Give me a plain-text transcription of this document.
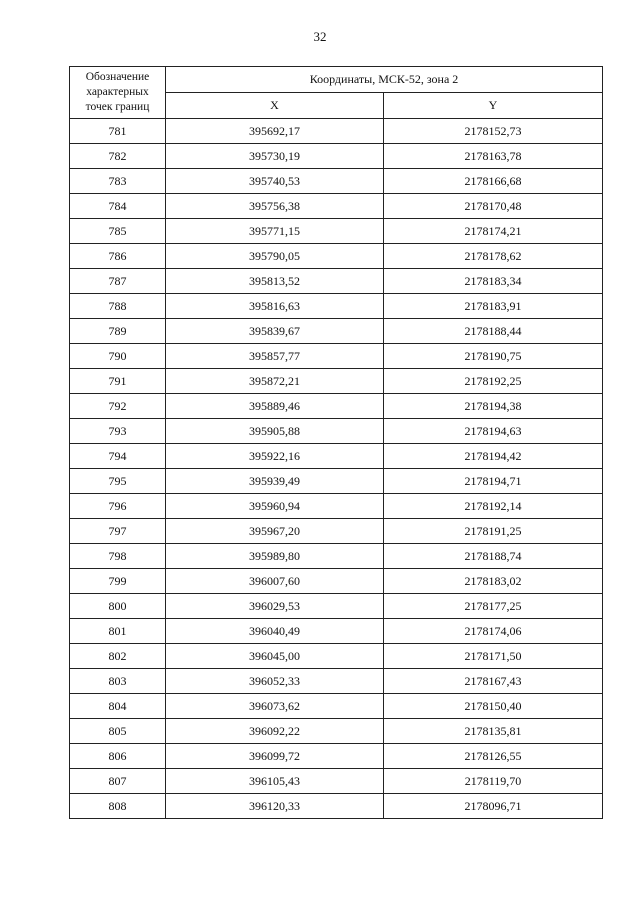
32
Обозначение
характерных
точек границ	Координаты, МСК-52, зона 2	
	X	Y
781	395692,17	2178152,73
782	395730,19	2178163,78
783	395740,53	2178166,68
784	395756,38	2178170,48
785	395771,15	2178174,21
786	395790,05	2178178,62
787	395813,52	2178183,34
788	395816,63	2178183,91
789	395839,67	2178188,44
790	395857,77	2178190,75
791	395872,21	2178192,25
792	395889,46	2178194,38
793	395905,88	2178194,63
794	395922,16	2178194,42
795	395939,49	2178194,71
796	395960,94	2178192,14
797	395967,20	2178191,25
798	395989,80	2178188,74
799	396007,60	2178183,02
800	396029,53	2178177,25
801	396040,49	2178174,06
802	396045,00	2178171,50
803	396052,33	2178167,43
804	396073,62	2178150,40
805	396092,22	2178135,81
806	396099,72	2178126,55
807	396105,43	2178119,70
808	396120,33	2178096,71
